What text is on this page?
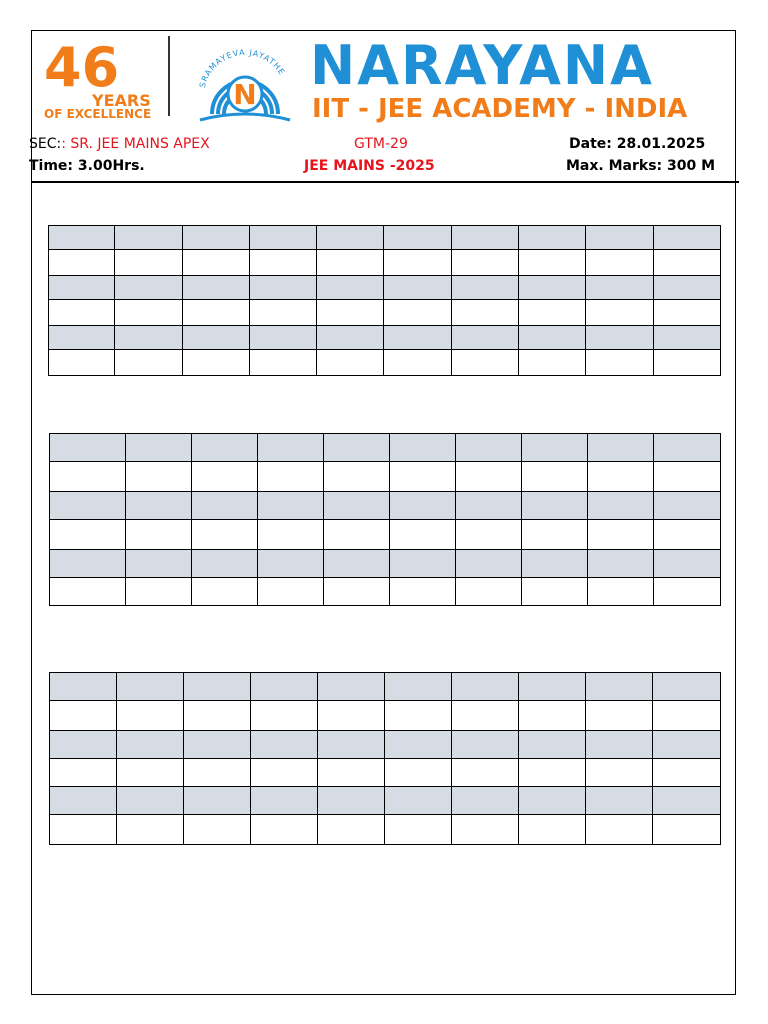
46
YEARS
OF EXCELLENCE
SRAMAYEVA JAYATHE
N NARAYANA
IIT - JEE ACADEMY - INDIA
SEC:: SR. JEE MAINS APEX	GTM-29	Date: 28.01.2025
Time: 3.00Hrs.	JEE MAINS -2025	Max. Marks: 300 M
